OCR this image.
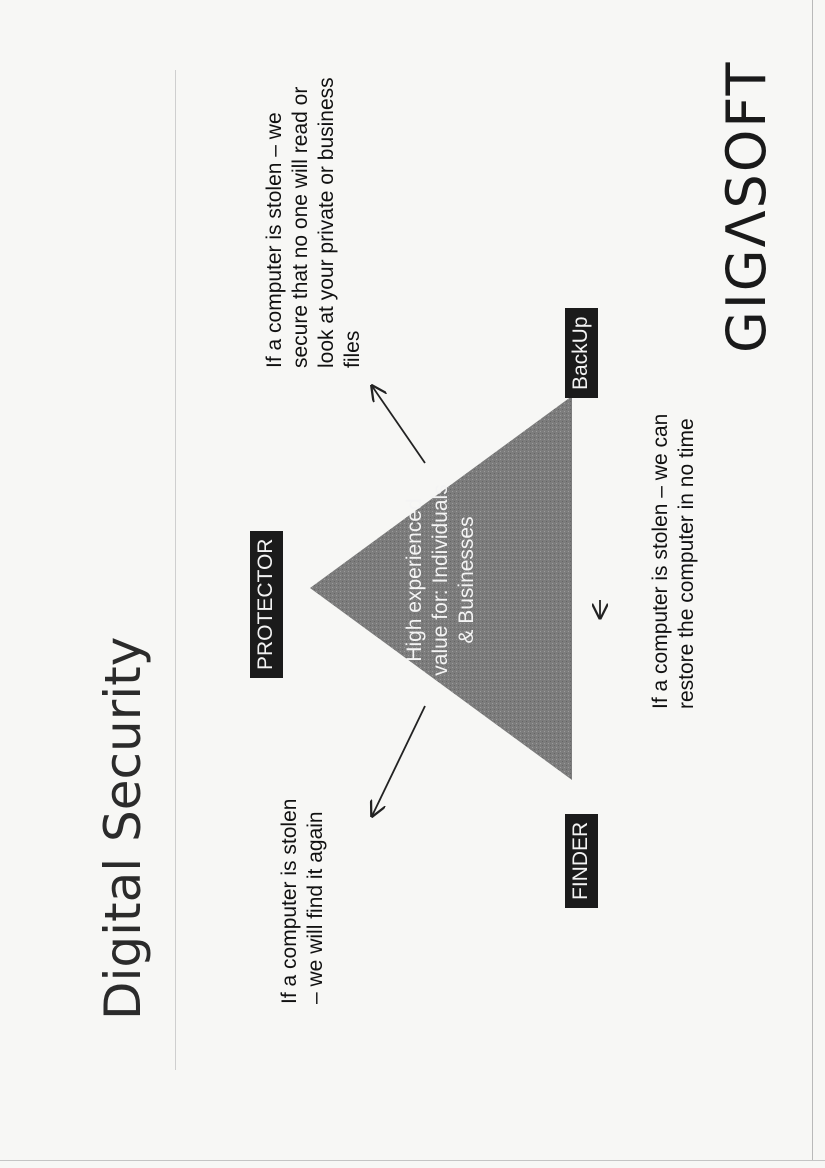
Digital Security
High experienced value for: Individuals & Businesses
PROTECTOR
FINDER
BackUp
If a computer is stolen – we will find it again
If a computer is stolen – we secure that no one will read or look at your private or business files
If a computer is stolen – we can restore the computer in no time
GIGΛSOFT
